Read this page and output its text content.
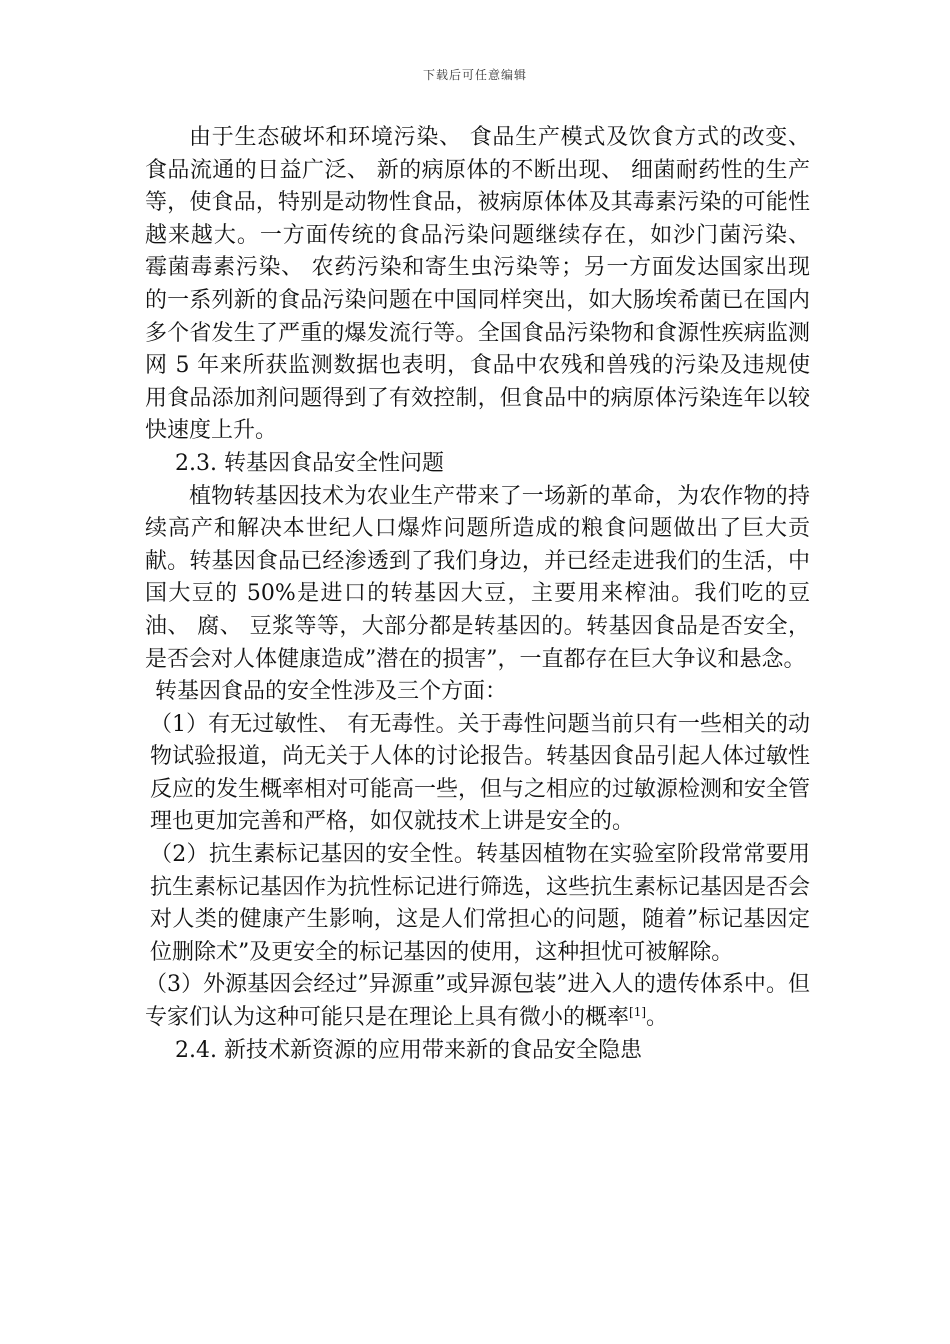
下载后可任意编辑

由于生态破坏和环境污染、 食品生产模式及饮食方式的改变、 食品流通的日益广泛、 新的病原体的不断出现、 细菌耐药性的生产等，使食品，特别是动物性食品，被病原体体及其毒素污染的可能性越来越大。一方面传统的食品污染问题继续存在，如沙门菌污染、 霉菌毒素污染、 农药污染和寄生虫污染等；另一方面发达国家出现的一系列新的食品污染问题在中国同样突出，如大肠埃希菌已在国内多个省发生了严重的爆发流行等。全国食品污染物和食源性疾病监测网 5 年来所获监测数据也表明，食品中农残和兽残的污染及违规使用食品添加剂问题得到了有效控制，但食品中的病原体污染连年以较快速度上升。

2.3. 转基因食品安全性问题

植物转基因技术为农业生产带来了一场新的革命，为农作物的持续高产和解决本世纪人口爆炸问题所造成的粮食问题做出了巨大贡献。转基因食品已经渗透到了我们身边，并已经走进我们的生活，中国大豆的 50%是进口的转基因大豆，主要用来榨油。我们吃的豆油、 腐、 豆浆等等，大部分都是转基因的。转基因食品是否安全，是否会对人体健康造成”潜在的损害”，一直都存在巨大争议和悬念。

转基因食品的安全性涉及三个方面：

（1）有无过敏性、 有无毒性。关于毒性问题当前只有一些相关的动物试验报道，尚无关于人体的讨论报告。转基因食品引起人体过敏性反应的发生概率相对可能高一些，但与之相应的过敏源检测和安全管理也更加完善和严格，如仅就技术上讲是安全的。

（2）抗生素标记基因的安全性。转基因植物在实验室阶段常常要用抗生素标记基因作为抗性标记进行筛选，这些抗生素标记基因是否会对人类的健康产生影响，这是人们常担心的问题，随着”标记基因定位删除术”及更安全的标记基因的使用，这种担忧可被解除。

（3）外源基因会经过”异源重”或异源包装”进入人的遗传体系中。但专家们认为这种可能只是在理论上具有微小的概率[1]。

2.4. 新技术新资源的应用带来新的食品安全隐患
